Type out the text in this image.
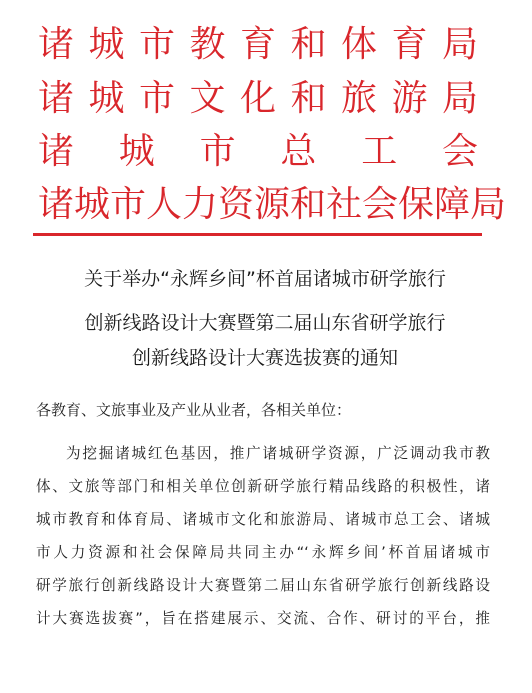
诸城市教育和体育局
诸城市文化和旅游局
诸城市总工会
诸城市人力资源和社会保障局
关于举办“永辉乡间”杯首届诸城市研学旅行
创新线路设计大赛暨第二届山东省研学旅行
创新线路设计大赛选拔赛的通知
各教育、文旅事业及产业从业者，各相关单位：
为挖掘诸城红色基因，推广诸城研学资源，广泛调动我市教
体、文旅等部门和相关单位创新研学旅行精品线路的积极性，诸
城市教育和体育局、诸城市文化和旅游局、诸城市总工会、诸城
市人力资源和社会保障局共同主办“‘永辉乡间’杯首届诸城市
研学旅行创新线路设计大赛暨第二届山东省研学旅行创新线路设
计大赛选拔赛”，旨在搭建展示、交流、合作、研讨的平台，推
